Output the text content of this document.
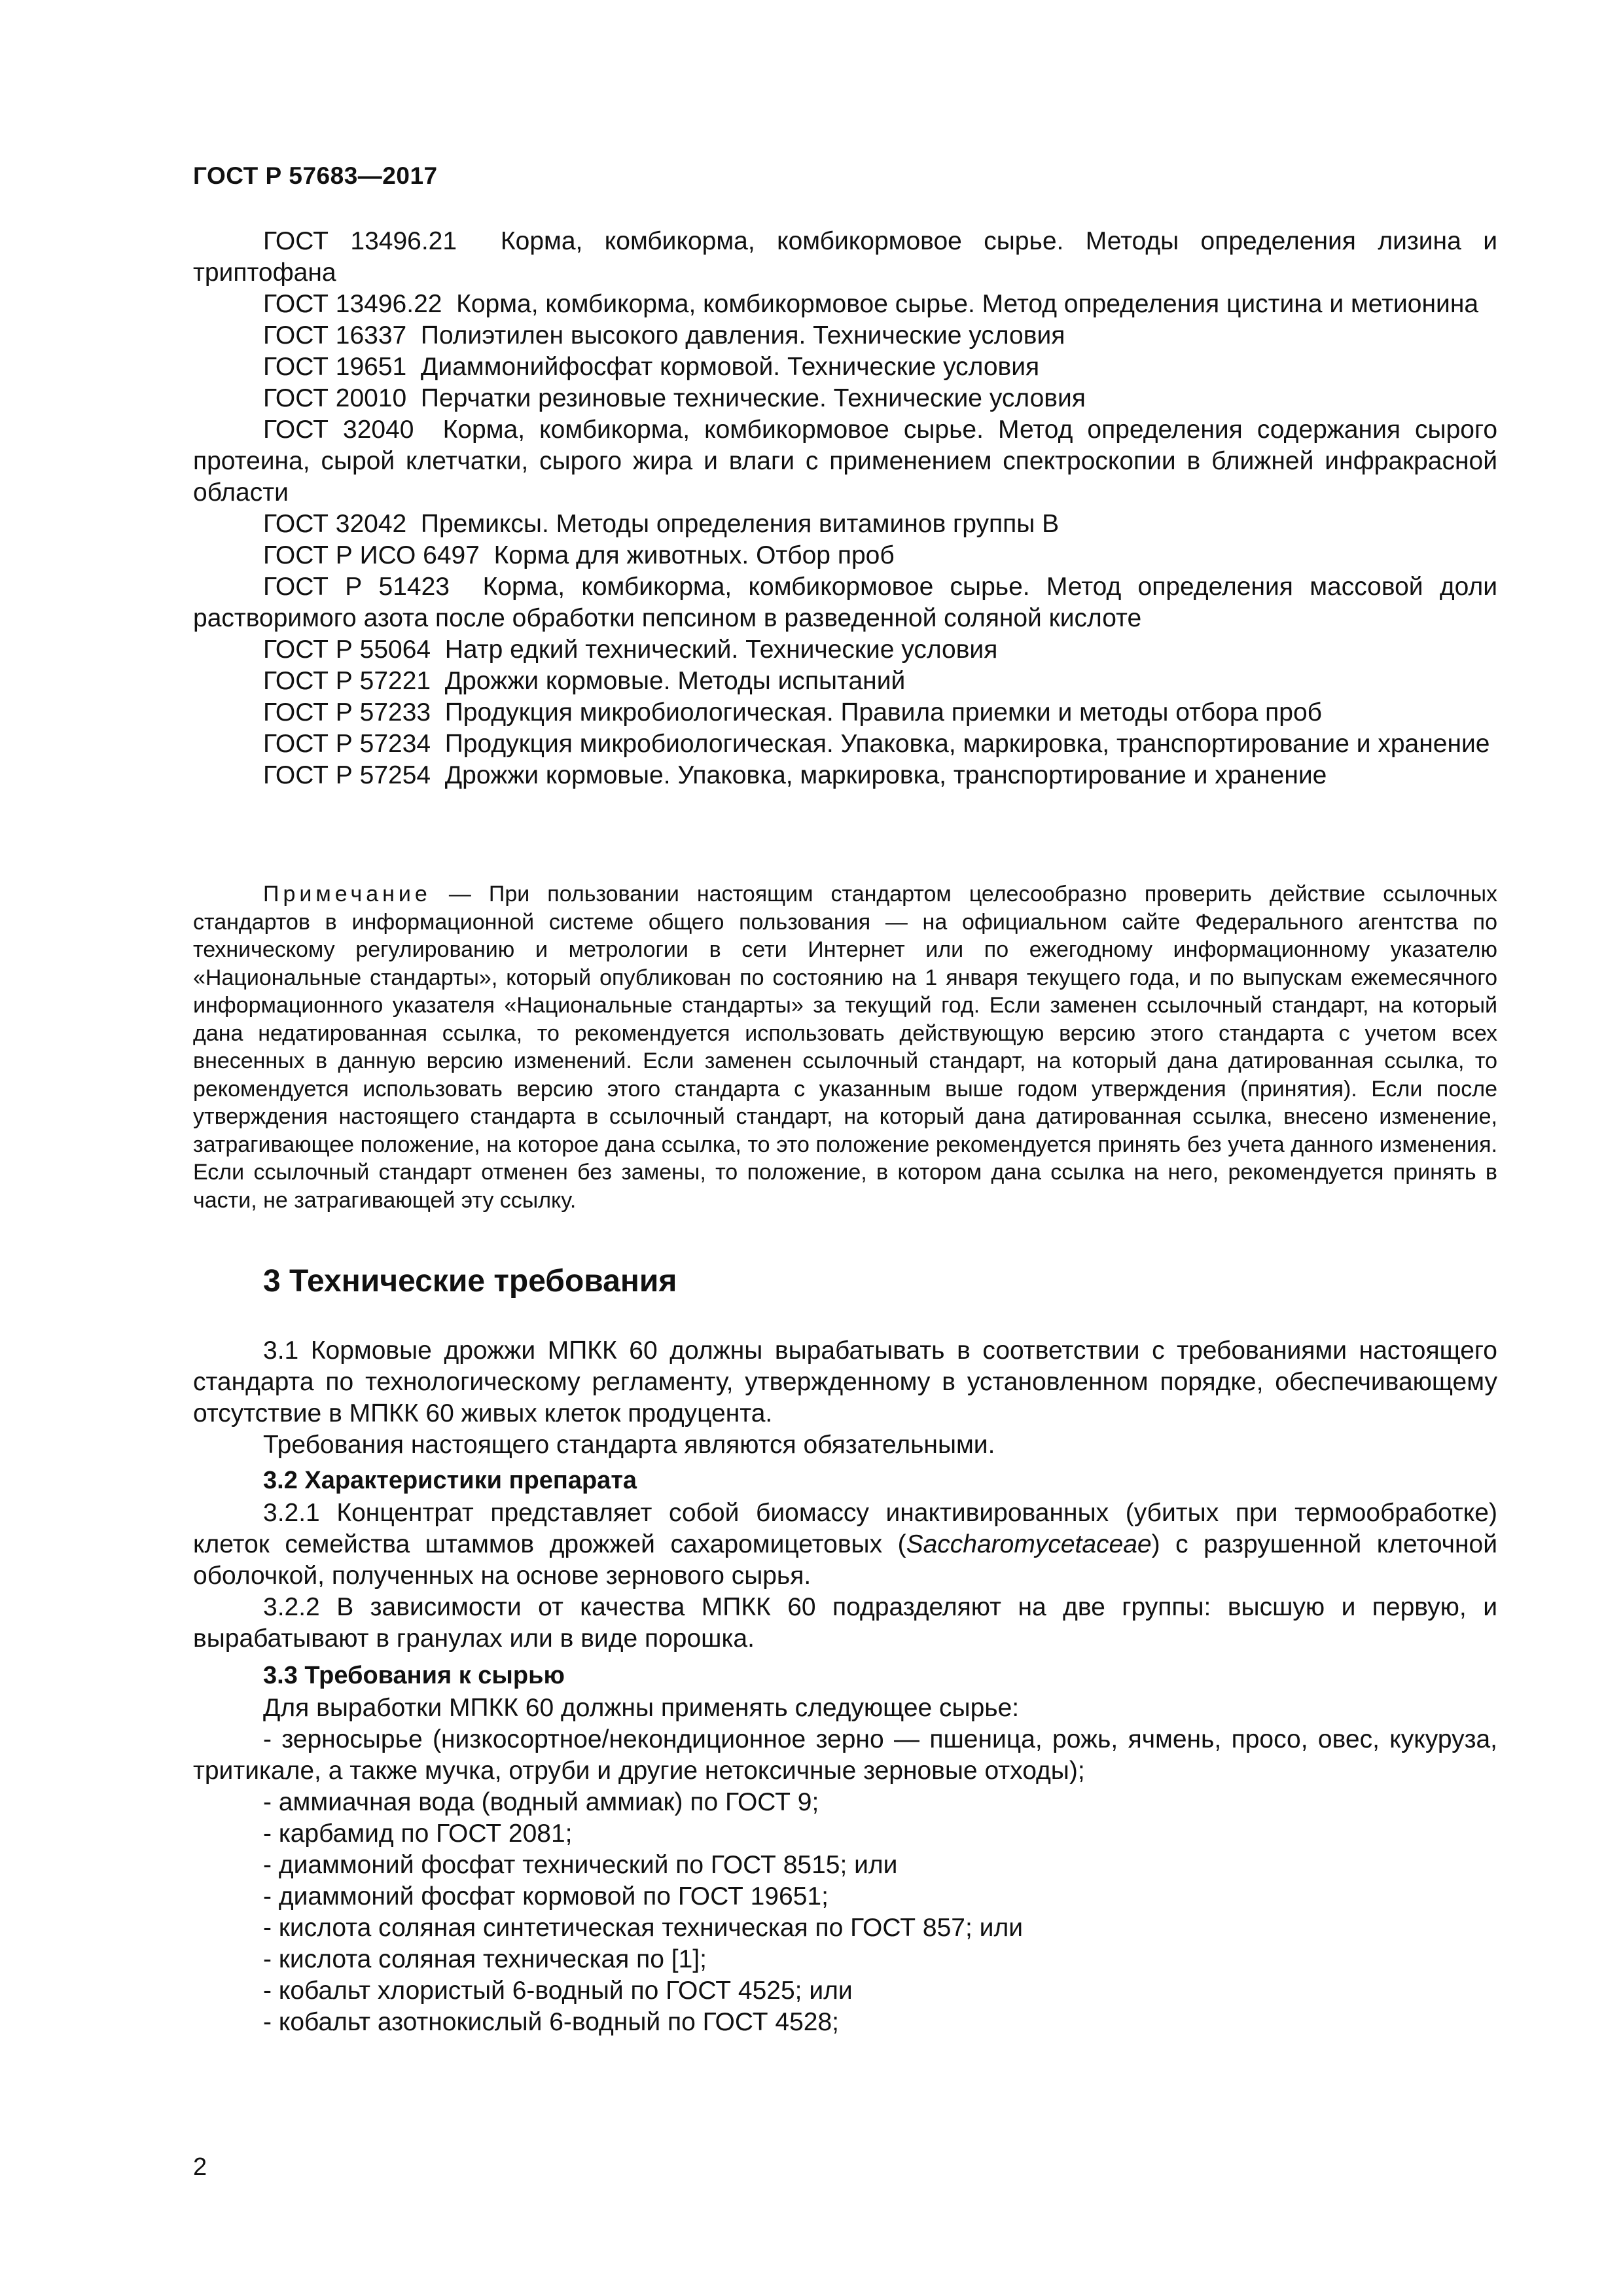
ГОСТ Р 57683—2017

ГОСТ 13496.21 Корма, комбикорма, комбикормовое сырье. Методы определения лизина и триптофана

ГОСТ 13496.22 Корма, комбикорма, комбикормовое сырье. Метод определения цистина и метионина

ГОСТ 16337 Полиэтилен высокого давления. Технические условия

ГОСТ 19651 Диаммонийфосфат кормовой. Технические условия

ГОСТ 20010 Перчатки резиновые технические. Технические условия

ГОСТ 32040 Корма, комбикорма, комбикормовое сырье. Метод определения содержания сырого протеина, сырой клетчатки, сырого жира и влаги с применением спектроскопии в ближней инфракрасной области

ГОСТ 32042 Премиксы. Методы определения витаминов группы В

ГОСТ Р ИСО 6497 Корма для животных. Отбор проб

ГОСТ Р 51423 Корма, комбикорма, комбикормовое сырье. Метод определения массовой доли растворимого азота после обработки пепсином в разведенной соляной кислоте

ГОСТ Р 55064 Натр едкий технический. Технические условия

ГОСТ Р 57221 Дрожжи кормовые. Методы испытаний

ГОСТ Р 57233 Продукция микробиологическая. Правила приемки и методы отбора проб

ГОСТ Р 57234 Продукция микробиологическая. Упаковка, маркировка, транспортирование и хранение

ГОСТ Р 57254 Дрожжи кормовые. Упаковка, маркировка, транспортирование и хранение

Примечание — При пользовании настоящим стандартом целесообразно проверить действие ссылочных стандартов в информационной системе общего пользования — на официальном сайте Федерального агентства по техническому регулированию и метрологии в сети Интернет или по ежегодному информационному указателю «Национальные стандарты», который опубликован по состоянию на 1 января текущего года, и по выпускам ежемесячного информационного указателя «Национальные стандарты» за текущий год. Если заменен ссылочный стандарт, на который дана недатированная ссылка, то рекомендуется использовать действующую версию этого стандарта с учетом всех внесенных в данную версию изменений. Если заменен ссылочный стандарт, на который дана датированная ссылка, то рекомендуется использовать версию этого стандарта с указанным выше годом утверждения (принятия). Если после утверждения настоящего стандарта в ссылочный стандарт, на который дана датированная ссылка, внесено изменение, затрагивающее положение, на которое дана ссылка, то это положение рекомендуется принять без учета данного изменения. Если ссылочный стандарт отменен без замены, то положение, в котором дана ссылка на него, рекомендуется принять в части, не затрагивающей эту ссылку.

3 Технические требования

3.1 Кормовые дрожжи МПКК 60 должны вырабатывать в соответствии с требованиями настоящего стандарта по технологическому регламенту, утвержденному в установленном порядке, обеспечивающему отсутствие в МПКК 60 живых клеток продуцента.

Требования настоящего стандарта являются обязательными.

3.2 Характеристики препарата

3.2.1 Концентрат представляет собой биомассу инактивированных (убитых при термообработке) клеток семейства штаммов дрожжей сахаромицетовых (Saccharomycetaceae) с разрушенной клеточной оболочкой, полученных на основе зернового сырья.

3.2.2 В зависимости от качества МПКК 60 подразделяют на две группы: высшую и первую, и вырабатывают в гранулах или в виде порошка.

3.3 Требования к сырью

Для выработки МПКК 60 должны применять следующее сырье:

- зерносырье (низкосортное/некондиционное зерно — пшеница, рожь, ячмень, просо, овес, кукуруза, тритикале, а также мучка, отруби и другие нетоксичные зерновые отходы);

- аммиачная вода (водный аммиак) по ГОСТ 9;

- карбамид по ГОСТ 2081;

- диаммоний фосфат технический по ГОСТ 8515; или

- диаммоний фосфат кормовой по ГОСТ 19651;

- кислота соляная синтетическая техническая по ГОСТ 857; или

- кислота соляная техническая по [1];

- кобальт хлористый 6-водный по ГОСТ 4525; или

- кобальт азотнокислый 6-водный по ГОСТ 4528;

2
